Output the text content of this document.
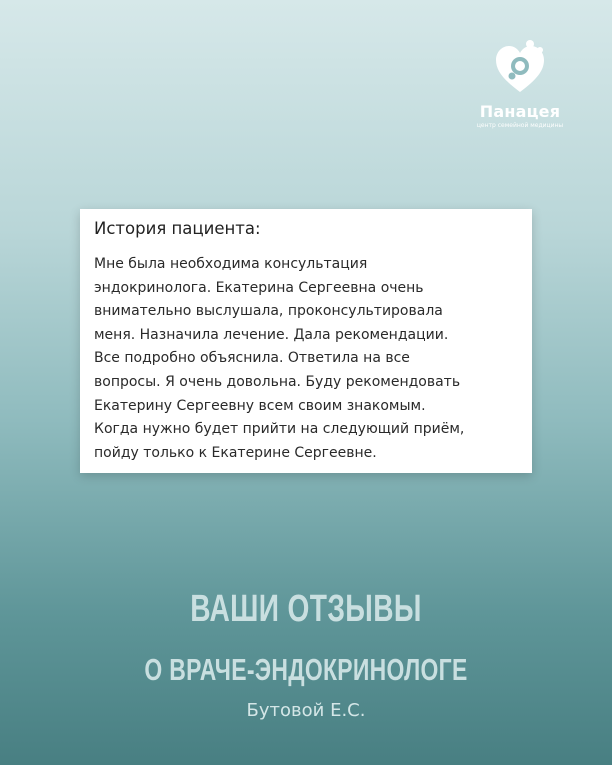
Панацея
центр семейной медицины
История пациента:
Мне была необходима консультация
эндокринолога. Екатерина Сергеевна очень
внимательно выслушала, проконсультировала
меня. Назначила лечение. Дала рекомендации.
Все подробно объяснила. Ответила на все
вопросы. Я очень довольна. Буду рекомендовать
Екатерину Сергеевну всем своим знакомым.
Когда нужно будет прийти на следующий приём,
пойду только к Екатерине Сергеевне.
ВАШИ ОТЗЫВЫ
О ВРАЧЕ-ЭНДОКРИНОЛОГЕ
Бутовой Е.С.
